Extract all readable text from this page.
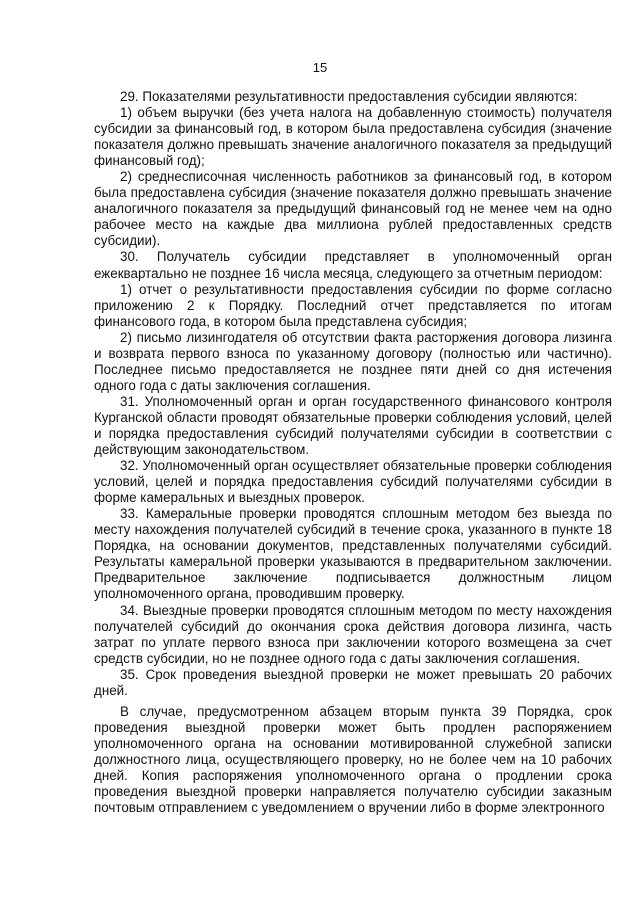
15

29. Показателями результативности предоставления субсидии являются:

1) объем выручки (без учета налога на добавленную стоимость) получателя субсидии за финансовый год, в котором была предоставлена субсидия (значение показателя должно превышать значение аналогичного показателя за предыдущий финансовый год);

2) среднесписочная численность работников за финансовый год, в котором была предоставлена субсидия (значение показателя должно превышать значение аналогичного показателя за предыдущий финансовый год не менее чем на одно рабочее место на каждые два миллиона рублей предоставленных средств субсидии).

30. Получатель субсидии представляет в уполномоченный орган ежеквартально не позднее 16 числа месяца, следующего за отчетным периодом:

1) отчет о результативности предоставления субсидии по форме согласно приложению 2 к Порядку. Последний отчет представляется по итогам финансового года, в котором была представлена субсидия;

2) письмо лизингодателя об отсутствии факта расторжения договора лизинга и возврата первого взноса по указанному договору (полностью или частично). Последнее письмо предоставляется не позднее пяти дней со дня истечения одного года с даты заключения соглашения.

31. Уполномоченный орган и орган государственного финансового контроля Курганской области проводят обязательные проверки соблюдения условий, целей и порядка предоставления субсидий получателями субсидии в соответствии с действующим законодательством.

32. Уполномоченный орган осуществляет обязательные проверки соблюдения условий, целей и порядка предоставления субсидий получателями субсидии в форме камеральных и выездных проверок.

33. Камеральные проверки проводятся сплошным методом без выезда по месту нахождения получателей субсидий в течение срока, указанного в пункте 18 Порядка, на основании документов, представленных получателями субсидий. Результаты камеральной проверки указываются в предварительном заключении. Предварительное заключение подписывается должностным лицом уполномоченного органа, проводившим проверку.

34. Выездные проверки проводятся сплошным методом по месту нахождения получателей субсидий до окончания срока действия договора лизинга, часть затрат по уплате первого взноса при заключении которого возмещена за счет средств субсидии, но не позднее одного года с даты заключения соглашения.

35. Срок проведения выездной проверки не может превышать 20 рабочих дней.

В случае, предусмотренном абзацем вторым пункта 39 Порядка, срок проведения выездной проверки может быть продлен распоряжением уполномоченного органа на основании мотивированной служебной записки должностного лица, осуществляющего проверку, но не более чем на 10 рабочих дней. Копия распоряжения уполномоченного органа о продлении срока проведения выездной проверки направляется получателю субсидии заказным почтовым отправлением с уведомлением о вручении либо в форме электронного
